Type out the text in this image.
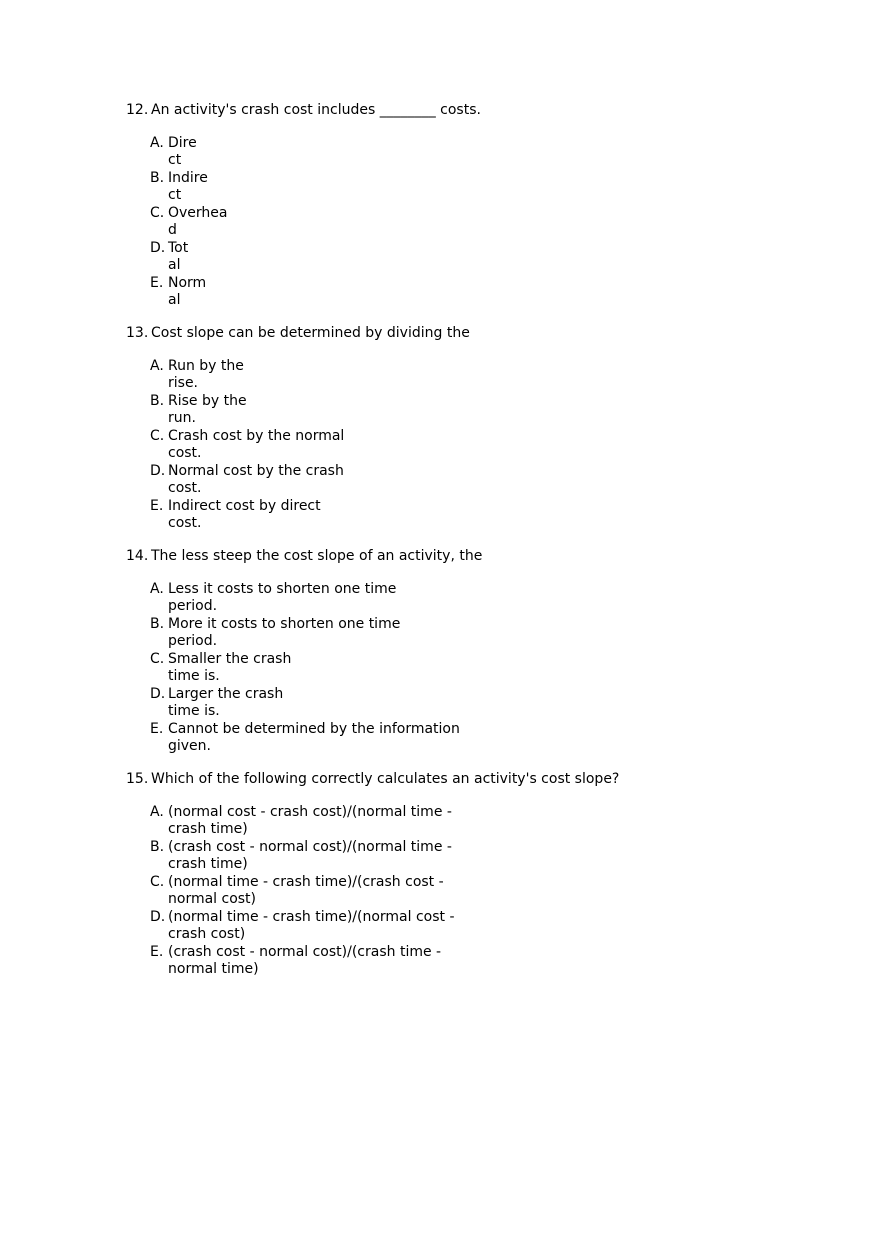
12. An activity's crash cost includes ________ costs.
A. Direct
B. Indirect
C. Overhead
D. Total
E. Normal
13. Cost slope can be determined by dividing the
A. Run by the rise.
B. Rise by the run.
C. Crash cost by the normal cost.
D. Normal cost by the crash cost.
E. Indirect cost by direct cost.
14. The less steep the cost slope of an activity, the
A. Less it costs to shorten one time period.
B. More it costs to shorten one time period.
C. Smaller the crash time is.
D. Larger the crash time is.
E. Cannot be determined by the information given.
15. Which of the following correctly calculates an activity's cost slope?
A. (normal cost - crash cost)/(normal time - crash time)
B. (crash cost - normal cost)/(normal time - crash time)
C. (normal time - crash time)/(crash cost - normal cost)
D. (normal time - crash time)/(normal cost - crash cost)
E. (crash cost - normal cost)/(crash time - normal time)
